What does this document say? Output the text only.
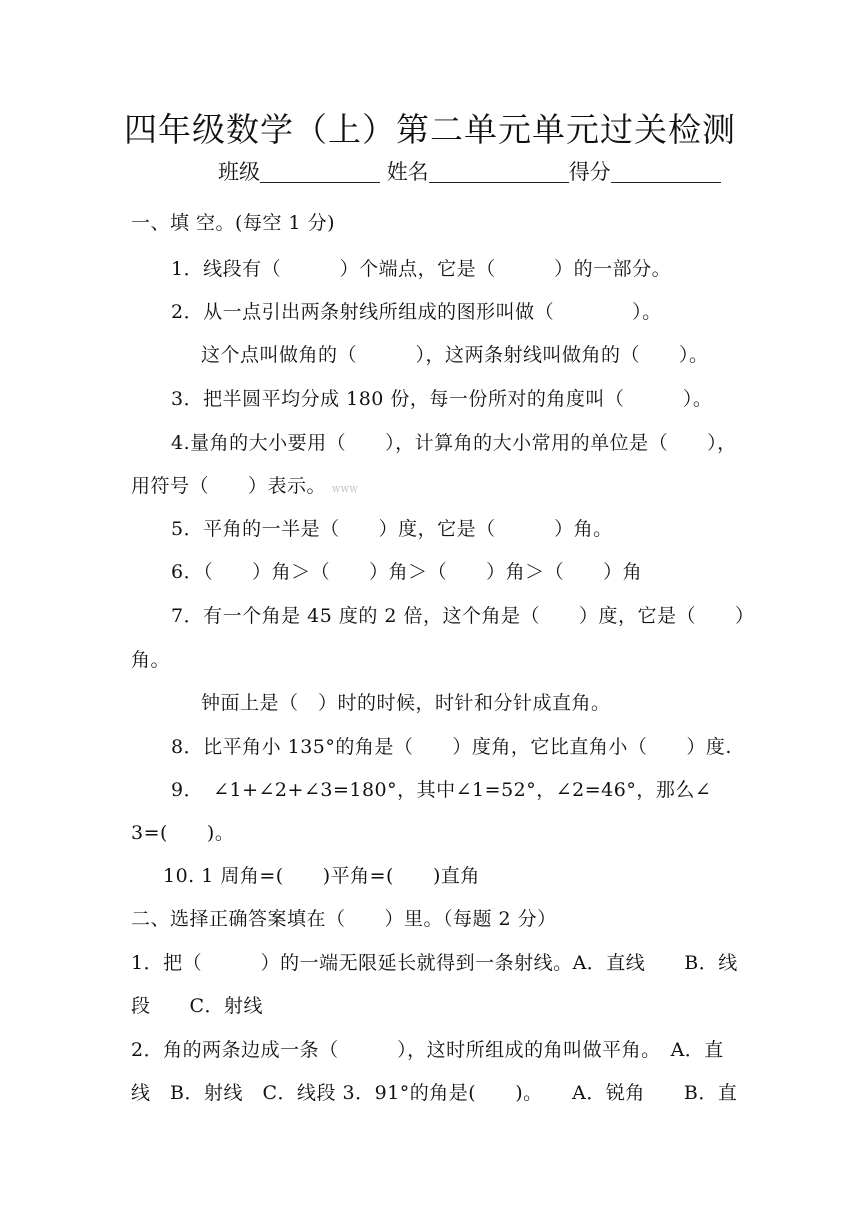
四年级数学（上）第二单元单元过关检测
班级	姓名	得分
一、填 空。(每空 1 分)
1．线段有（　　　）个端点，它是（　　　）的一部分。
2．从一点引出两条射线所组成的图形叫做（　　　　）。
这个点叫做角的（　　　），这两条射线叫做角的（　　）。
3．把半圆平均分成 180 份，每一份所对的角度叫（　　　）。
4.量角的大小要用（　　），计算角的大小常用的单位是（　　），
用符号（　　）表示。 WWW
5．平角的一半是（　　）度，它是（　　　）角。
6．（　　）角＞（　　）角＞（　　）角＞（　　）角
7．有一个角是 45 度的 2 倍，这个角是（　　）度，它是（　　）
角。
钟面上是（　）时的时候，时针和分针成直角。
8．比平角小 135°的角是（　　）度角，它比直角小（　　）度.
9．　∠1+∠2+∠3=180°，其中∠1=52°，∠2=46°，那么∠
3=(　　)。
10. 1 周角=(　　)平角=(　　)直角
二、选择正确答案填在（　　）里。（每题 2 分）
1．把（　　　）的一端无限延长就得到一条射线。A．直线　　B．线
段　　C．射线
2．角的两条边成一条（　　　），这时所组成的角叫做平角。　A．直
线　B．射线　C．线段 3．91°的角是(　　)。　　A．锐角　　B．直
